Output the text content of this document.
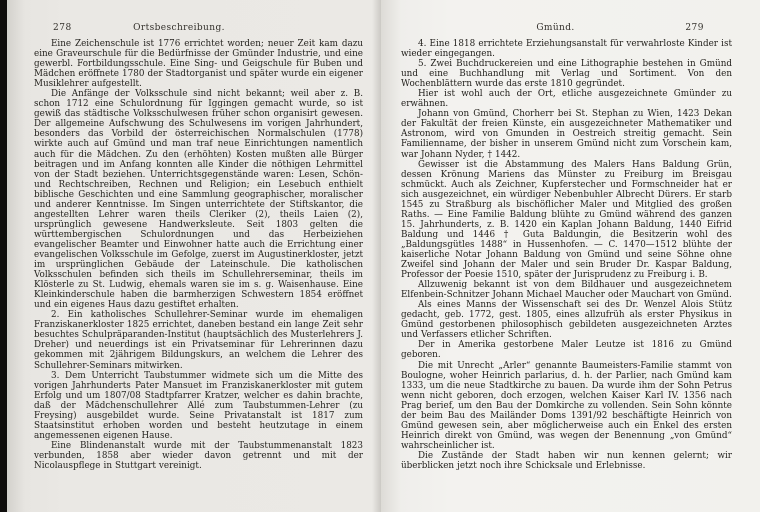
278	Ortsbeschreibung.

Eine Zeichenschule ist 1776 errichtet worden; neuer Zeit kam dazu eine Graveurschule für die Bedürfnisse der Gmünder Industrie, und eine gewerbl. Fortbildungsschule. Eine Sing- und Geigschule für Buben und Mädchen eröffnete 1780 der Stadtorganist und später wurde ein eigener Musiklehrer aufgestellt.

Die Anfänge der Volksschule sind nicht bekannt; weil aber z. B. schon 1712 eine Schulordnung für Iggingen gemacht wurde, so ist gewiß das städtische Volksschulwesen früher schon organisirt gewesen. Der allgemeine Aufschwung des Schulwesens im vorigen Jahrhundert, besonders das Vorbild der österreichischen Normalschulen (1778) wirkte auch auf Gmünd und man traf neue Einrichtungen namentlich auch für die Mädchen. Zu den (erhöhten) Kosten mußten alle Bürger beitragen und im Anfang konnten alle Kinder die nöthigen Lehrmittel von der Stadt beziehen. Unterrichtsgegenstände waren: Lesen, Schön- und Rechtschreiben, Rechnen und Religion; ein Lesebuch enthielt biblische Geschichten und eine Sammlung geographischer, moralischer und anderer Kenntnisse. Im Singen unterrichtete der Stiftskantor, die angestellten Lehrer waren theils Cleriker (2), theils Laien (2), ursprünglich gewesene Handwerksleute. Seit 1803 gelten die württembergischen Schulordnungen und das Herbeiziehen evangelischer Beamter und Einwohner hatte auch die Errichtung einer evangelischen Volksschule im Gefolge, zuerst im Augustinerkloster, jetzt im ursprünglichen Gebäude der Lateinschule. Die katholischen Volksschulen befinden sich theils im Schullehrerseminar, theils im Klösterle zu St. Ludwig, ehemals waren sie im s. g. Waisenhause. Eine Kleinkinderschule haben die barmherzigen Schwestern 1854 eröffnet und ein eigenes Haus dazu gestiftet erhalten.

2. Ein katholisches Schullehrer-Seminar wurde im ehemaligen Franziskanerkloster 1825 errichtet, daneben bestand ein lange Zeit sehr besuchtes Schulpräparanden-Institut (hauptsächlich des Musterlehrers J. Dreher) und neuerdings ist ein Privatseminar für Lehrerinnen dazu gekommen mit 2jährigem Bildungskurs, an welchem die Lehrer des Schullehrer-Seminars mitwirken.

3. Dem Unterricht Taubstummer widmete sich um die Mitte des vorigen Jahrhunderts Pater Mansuet im Franziskanerkloster mit gutem Erfolg und um 1807/08 Stadtpfarrer Kratzer, welcher es dahin brachte, daß der Mädchenschullehrer Allé zum Taubstummen-Lehrer (zu Freysing) ausgebildet wurde. Seine Privatanstalt ist 1817 zum Staatsinstitut erhoben worden und besteht heutzutage in einem angemessenen eigenen Hause.

Eine Blindenanstalt wurde mit der Taubstummenanstalt 1823 verbunden, 1858 aber wieder davon getrennt und mit der Nicolauspflege in Stuttgart vereinigt.

Gmünd.	279

4. Eine 1818 errichtete Erziehungsanstalt für verwahrloste Kinder ist wieder eingegangen.

5. Zwei Buchdruckereien und eine Lithographie bestehen in Gmünd und eine Buchhandlung mit Verlag und Sortiment. Von den Wochenblättern wurde das erste 1810 gegründet.

Hier ist wohl auch der Ort, etliche ausgezeichnete Gmünder zu erwähnen.

Johann von Gmünd, Chorherr bei St. Stephan zu Wien, 1423 Dekan der Fakultät der freien Künste, ein ausgezeichneter Mathematiker und Astronom, wird von Gmunden in Oestreich streitig gemacht. Sein Familienname, der bisher in unserem Gmünd nicht zum Vorschein kam, war Johann Nyder, † 1442.

Gewisser ist die Abstammung des Malers Hans Baldung Grün, dessen Krönung Mariens das Münster zu Freiburg im Breisgau schmückt. Auch als Zeichner, Kupferstecher und Formschneider hat er sich ausgezeichnet, ein würdiger Nebenbuhler Albrecht Dürers. Er starb 1545 zu Straßburg als bischöflicher Maler und Mitglied des großen Raths. — Eine Familie Baldung blühte zu Gmünd während des ganzen 15. Jahrhunderts, z. B. 1420 ein Kaplan Johann Baldung, 1440 Eifrid Baldung und 1446 † Guta Baldungin, die Besitzerin wohl des „Baldungsgütles 1488“ in Hussenhofen. — C. 1470—1512 blühte der kaiserliche Notar Johann Baldung von Gmünd und seine Söhne ohne Zweifel sind Johann der Maler und sein Bruder Dr. Kaspar Baldung, Professor der Poesie 1510, später der Jurisprudenz zu Freiburg i. B.

Allzuwenig bekannt ist von dem Bildhauer und ausgezeichnetem Elfenbein-Schnitzer Johann Michael Maucher oder Mauchart von Gmünd.

Als eines Manns der Wissenschaft sei des Dr. Wenzel Alois Stütz gedacht, geb. 1772, gest. 1805, eines allzufrüh als erster Physikus in Gmünd gestorbenen philosophisch gebildeten ausgezeichneten Arztes und Verfassers etlicher Schriften.

Der in Amerika gestorbene Maler Leutze ist 1816 zu Gmünd geboren.

Die mit Unrecht „Arler“ genannte Baumeisters-Familie stammt von Boulogne, woher Heinrich parlarius, d. h. der Parlier, nach Gmünd kam 1333, um die neue Stadtkirche zu bauen. Da wurde ihm der Sohn Petrus wenn nicht geboren, doch erzogen, welchen Kaiser Karl IV. 1356 nach Prag berief, um den Bau der Domkirche zu vollenden. Sein Sohn könnte der beim Bau des Mailänder Doms 1391/92 beschäftigte Heinrich von Gmünd gewesen sein, aber möglicherweise auch ein Enkel des ersten Heinrich direkt von Gmünd, was wegen der Benennung „von Gmünd“ wahrscheinlicher ist.

Die Zustände der Stadt haben wir nun kennen gelernt; wir überblicken jetzt noch ihre Schicksale und Erlebnisse.
